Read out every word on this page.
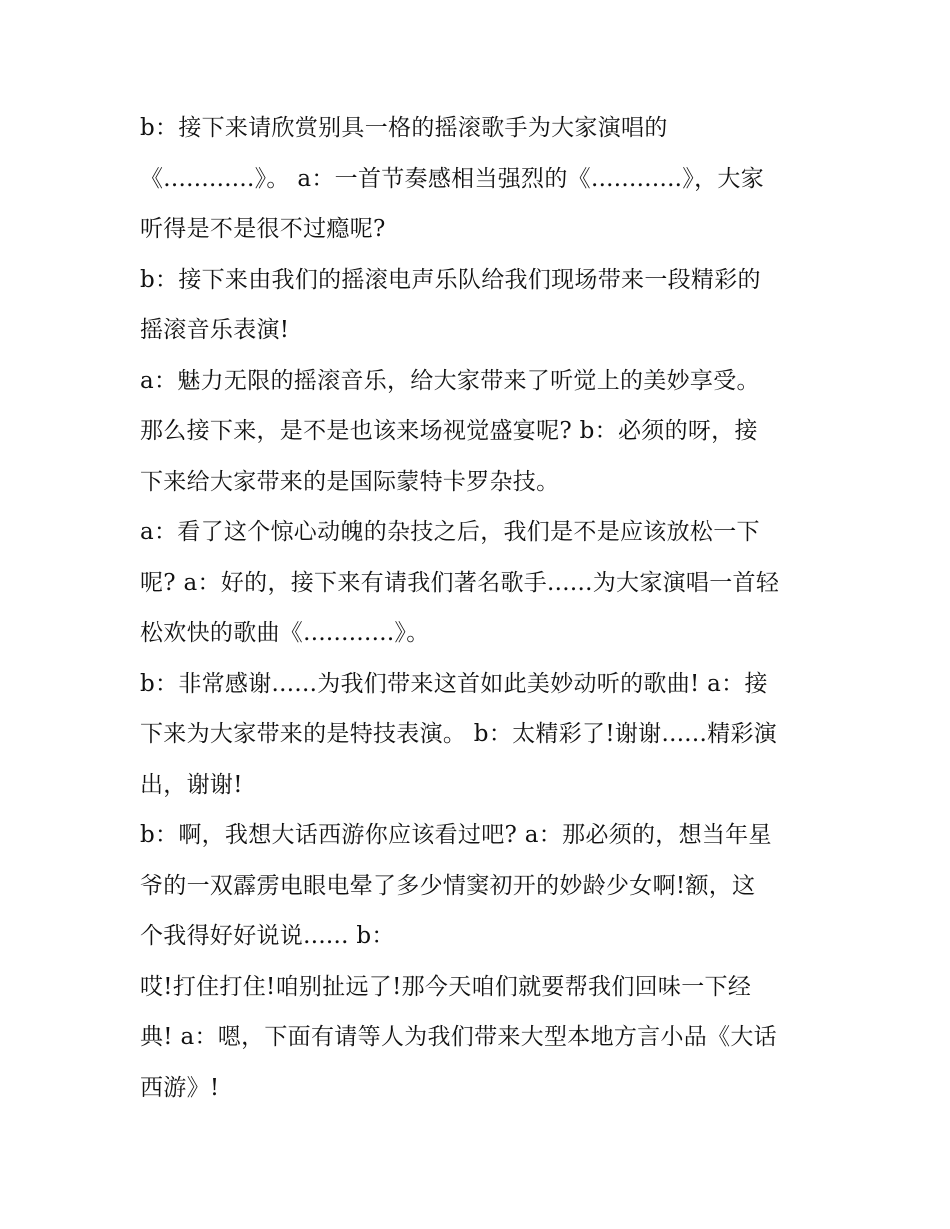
b：接下来请欣赏别具一格的摇滚歌手为大家演唱的
《............》。 a：一首节奏感相当强烈的《............》，大家
听得是不是很不过瘾呢?
b：接下来由我们的摇滚电声乐队给我们现场带来一段精彩的
摇滚音乐表演!
a：魅力无限的摇滚音乐，给大家带来了听觉上的美妙享受。
那么接下来，是不是也该来场视觉盛宴呢? b：必须的呀，接
下来给大家带来的是国际蒙特卡罗杂技。
a：看了这个惊心动魄的杂技之后，我们是不是应该放松一下
呢? a：好的，接下来有请我们著名歌手......为大家演唱一首轻
松欢快的歌曲《............》。
b：非常感谢......为我们带来这首如此美妙动听的歌曲! a：接
下来为大家带来的是特技表演。 b：太精彩了!谢谢......精彩演
出，谢谢!
b：啊，我想大话西游你应该看过吧? a：那必须的，想当年星
爷的一双霹雳电眼电晕了多少情窦初开的妙龄少女啊!额，这
个我得好好说说...... b：
哎!打住打住!咱别扯远了!那今天咱们就要帮我们回味一下经
典! a：嗯，下面有请等人为我们带来大型本地方言小品《大话
西游》!
